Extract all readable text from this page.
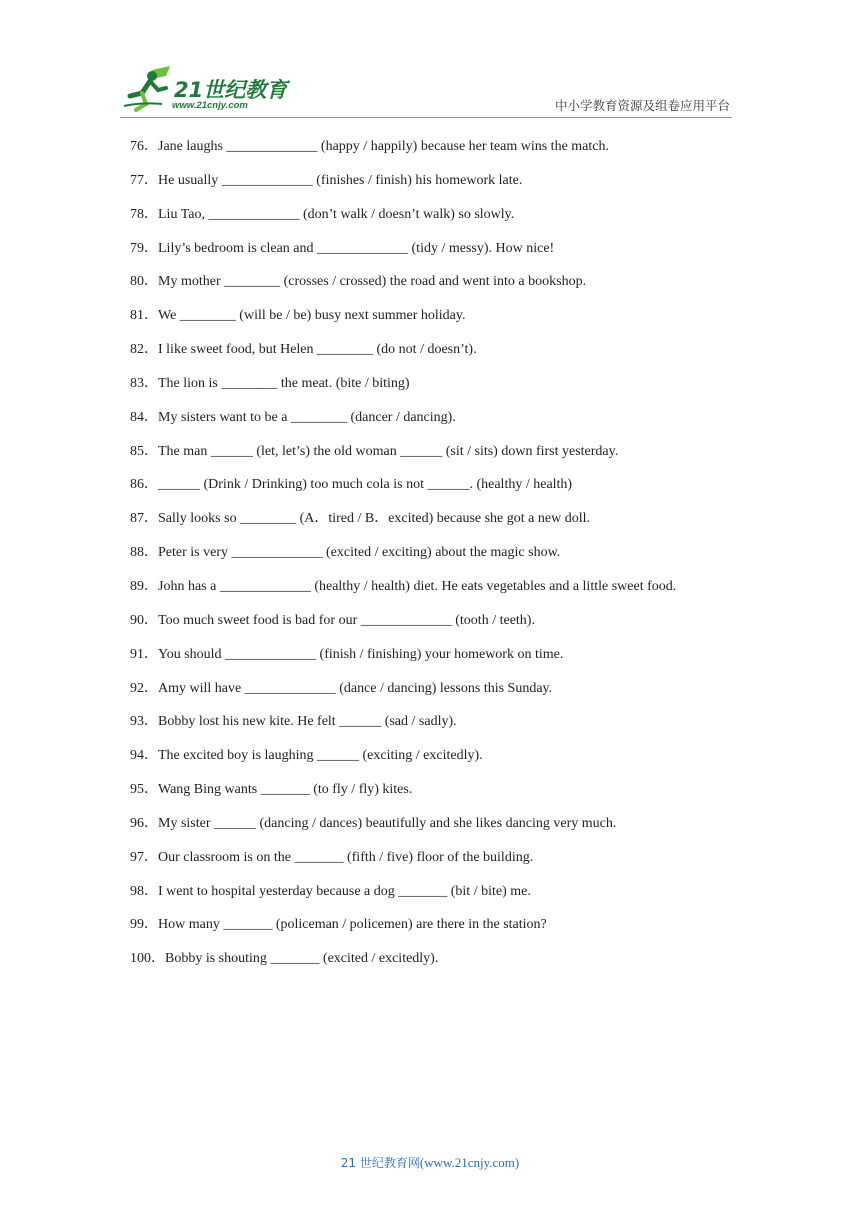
21世纪教育
www.21cnjy.com	中小学教育资源及组卷应用平台
76． Jane laughs _____________ (happy / happily) because her team wins the match.
77． He usually _____________ (finishes / finish) his homework late.
78． Liu Tao, _____________ (don’t walk / doesn’t walk) so slowly.
79． Lily’s bedroom is clean and _____________ (tidy / messy). How nice!
80． My mother ________ (crosses / crossed) the road and went into a bookshop.
81． We ________ (will be / be) busy next summer holiday.
82． I like sweet food, but Helen ________ (do not / doesn’t).
83． The lion is ________ the meat. (bite / biting)
84． My sisters want to be a ________ (dancer / dancing).
85． The man ______ (let, let’s) the old woman ______ (sit / sits) down first yesterday.
86． ______ (Drink / Drinking) too much cola is not ______. (healthy / health)
87． Sally looks so ________ (A．tired / B．excited) because she got a new doll.
88． Peter is very _____________ (excited / exciting) about the magic show.
89． John has a _____________ (healthy / health) diet. He eats vegetables and a little sweet food.
90． Too much sweet food is bad for our _____________ (tooth / teeth).
91． You should _____________ (finish / finishing) your homework on time.
92． Amy will have _____________ (dance / dancing) lessons this Sunday.
93． Bobby lost his new kite. He felt ______ (sad / sadly).
94． The excited boy is laughing ______ (exciting / excitedly).
95． Wang Bing wants _______ (to fly / fly) kites.
96． My sister ______ (dancing / dances) beautifully and she likes dancing very much.
97． Our classroom is on the _______ (fifth / five) floor of the building.
98． I went to hospital yesterday because a dog _______ (bit / bite) me.
99． How many _______ (policeman / policemen) are there in the station?
100． Bobby is shouting _______ (excited / excitedly).
21 世纪教育网(www.21cnjy.com)
